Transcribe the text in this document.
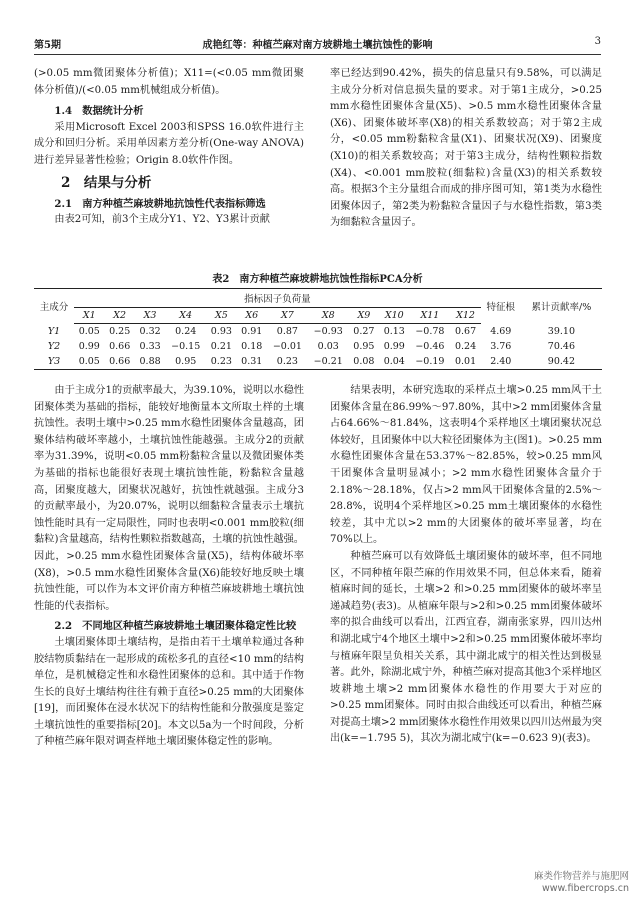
第5期	成艳红等：种植苎麻对南方坡耕地土壤抗蚀性的影响	3

(>0.05 mm微团聚体分析值)；X11=(<0.05 mm微团聚体分析值)/(<0.05 mm机械组成分析值)。

1.4　数据统计分析

采用Microsoft Excel 2003和SPSS 16.0软件进行主成分和回归分析。采用单因素方差分析(One-way ANOVA)进行差异显著性检验；Origin 8.0软件作图。

2　结果与分析

2.1　南方种植苎麻坡耕地抗蚀性代表指标筛选

由表2可知，前3个主成分Y1、Y2、Y3累计贡献

率已经达到90.42%，损失的信息量只有9.58%，可以满足主成分分析对信息损失量的要求。对于第1主成分，>0.25 mm水稳性团聚体含量(X5)、>0.5 mm水稳性团聚体含量(X6)、团聚体破坏率(X8)的相关系数较高；对于第2主成分，<0.05 mm粉黏粒含量(X1)、团聚状况(X9)、团聚度(X10)的相关系数较高；对于第3主成分，结构性颗粒指数(X4)、<0.001 mm胶粒(细黏粒)含量(X3)的相关系数较高。根据3个主分量组合而成的排序图可知，第1类为水稳性团聚体因子，第2类为粉黏粒含量因子与水稳性指数，第3类为细黏粒含量因子。

表2　南方种植苎麻坡耕地抗蚀性指标PCA分析
主成分	指标因子负荷量												特征根	累计贡献率/%
	X1	X2	X3	X4	X5	X6	X7	X8	X9	X10	X11	X12		
Y1	0.05	0.25	0.32	0.24	0.93	0.91	0.87	−0.93	0.27	0.13	−0.78	0.67	4.69	39.10
Y2	0.99	0.66	0.33	−0.15	0.21	0.18	−0.01	0.03	0.95	0.99	−0.46	0.24	3.76	70.46
Y3	0.05	0.66	0.88	0.95	0.23	0.31	0.23	−0.21	0.08	0.04	−0.19	0.01	2.40	90.42

由于主成分1的贡献率最大，为39.10%，说明以水稳性团聚体类为基础的指标，能较好地衡量本文所取土样的土壤抗蚀性。表明土壤中>0.25 mm水稳性团聚体含量越高，团聚体结构破坏率越小，土壤抗蚀性能越强。主成分2的贡献率为31.39%，说明<0.05 mm粉黏粒含量以及微团聚体类为基础的指标也能很好表现土壤抗蚀性能，粉黏粒含量越高，团聚度越大，团聚状况越好，抗蚀性就越强。主成分3的贡献率最小，为20.07%，说明以细黏粒含量表示土壤抗蚀性能时具有一定局限性，同时也表明<0.001 mm胶粒(细黏粒)含量越高，结构性颗粒指数越高，土壤的抗蚀性越强。因此，>0.25 mm水稳性团聚体含量(X5)，结构体破坏率(X8)，>0.5 mm水稳性团聚体含量(X6)能较好地反映土壤抗蚀性能，可以作为本文评价南方种植苎麻坡耕地土壤抗蚀性能的代表指标。

2.2　不同地区种植苎麻坡耕地土壤团聚体稳定性比较

土壤团聚体即土壤结构，是指由若干土壤单粒通过各种胶结物质黏结在一起形成的疏松多孔的直径<10 mm的结构单位，是机械稳定性和水稳性团聚体的总和。其中适于作物生长的良好土壤结构往往有赖于直径>0.25 mm的大团聚体[19]，而团聚体在浸水状况下的结构性能和分散强度是鉴定土壤抗蚀性的重要指标[20]。本文以5a为一个时间段，分析了种植苎麻年限对调查样地土壤团聚体稳定性的影响。

结果表明，本研究选取的采样点土壤>0.25 mm风干土团聚体含量在86.99%～97.80%，其中>2 mm团聚体含量占64.66%～81.84%，这表明4个采样地区土壤团聚状况总体较好，且团聚体中以大粒径团聚体为主(图1)。>0.25 mm水稳性团聚体含量在53.37%～82.85%，较>0.25 mm风干团聚体含量明显减小；>2 mm水稳性团聚体含量介于2.18%～28.18%，仅占>2 mm风干团聚体含量的2.5%～28.8%，说明4个采样地区>0.25 mm土壤团聚体的水稳性较差，其中尤以>2 mm的大团聚体的破坏率显著，均在70%以上。

种植苎麻可以有效降低土壤团聚体的破坏率，但不同地区，不同种植年限苎麻的作用效果不同，但总体来看，随着植麻时间的延长，土壤>2 和>0.25 mm团聚体的破坏率呈递减趋势(表3)。从植麻年限与>2和>0.25 mm团聚体破坏率的拟合曲线可以看出，江西宜春，湖南张家界，四川达州和湖北咸宁4个地区土壤中>2和>0.25 mm团聚体破坏率均与植麻年限呈负相关关系，其中湖北咸宁的相关性达到极显著。此外，除湖北咸宁外，种植苎麻对提高其他3个采样地区坡耕地土壤>2 mm团聚体水稳性的作用要大于对应的>0.25 mm团聚体。同时由拟合曲线还可以看出，种植苎麻对提高土壤>2 mm团聚体水稳性作用效果以四川达州最为突出(k=−1.795 5)，其次为湖北咸宁(k=−0.623 9)(表3)。

麻类作物营养与施肥网
www.fibercrops.cn
